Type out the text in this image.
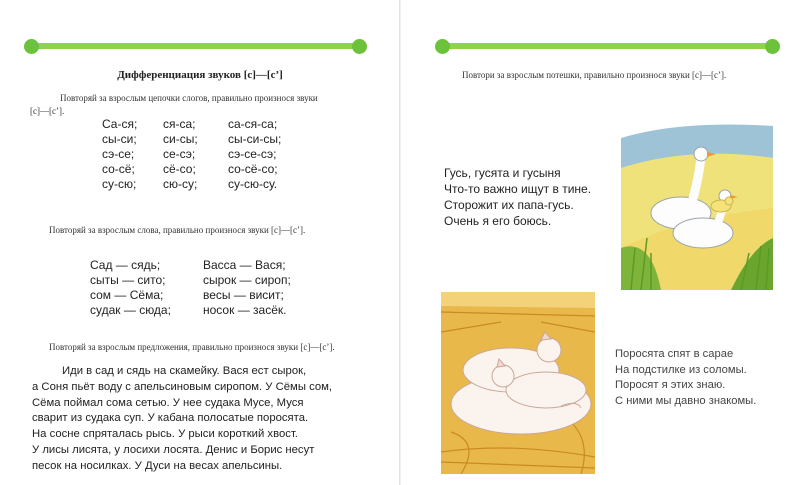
Дифференциация звуков [с]—[с’]
Повторяй за взрослым цепочки слогов, правильно произнося звуки
[с]—[с’].
Са-ся;
сы-си;
сэ-се;
со-сё;
су-сю;
ся-са;
си-сы;
се-сэ;
сё-со;
сю-су;
са-ся-са;
сы-си-сы;
сэ-се-сэ;
со-сё-со;
су-сю-су.
Повторяй за взрослым слова, правильно произнося звуки [с]—[с’].
Сад — сядь;
сыты — сито;
сом — Сёма;
судак — сюда;
Васса — Вася;
сырок — сироп;
весы — висит;
носок — засёк.
Повторяй за взрослым предложения, правильно произнося звуки [с]—[с’].
Иди в сад и сядь на скамейку. Вася ест сырок,
а Соня пьёт воду с апельсиновым сиропом. У Сёмы сом,
Сёма поймал сома сетью. У нее судака Мусе, Муся
сварит из судака суп. У кабана полосатые поросята.
На сосне спряталась рысь. У рыси короткий хвост.
У лисы лисята, у лосихи лосята. Денис и Борис несут
песок на носилках. У Дуси на весах апельсины.
Повтори за взрослым потешки, правильно произнося звуки [с]—[с’].
Гусь, гусята и гусыня
Что-то важно ищут в тине.
Сторожит их папа-гусь.
Очень я его боюсь.
Поросята спят в сарае
На подстилке из соломы.
Поросят я этих знаю.
С ними мы давно знакомы.
